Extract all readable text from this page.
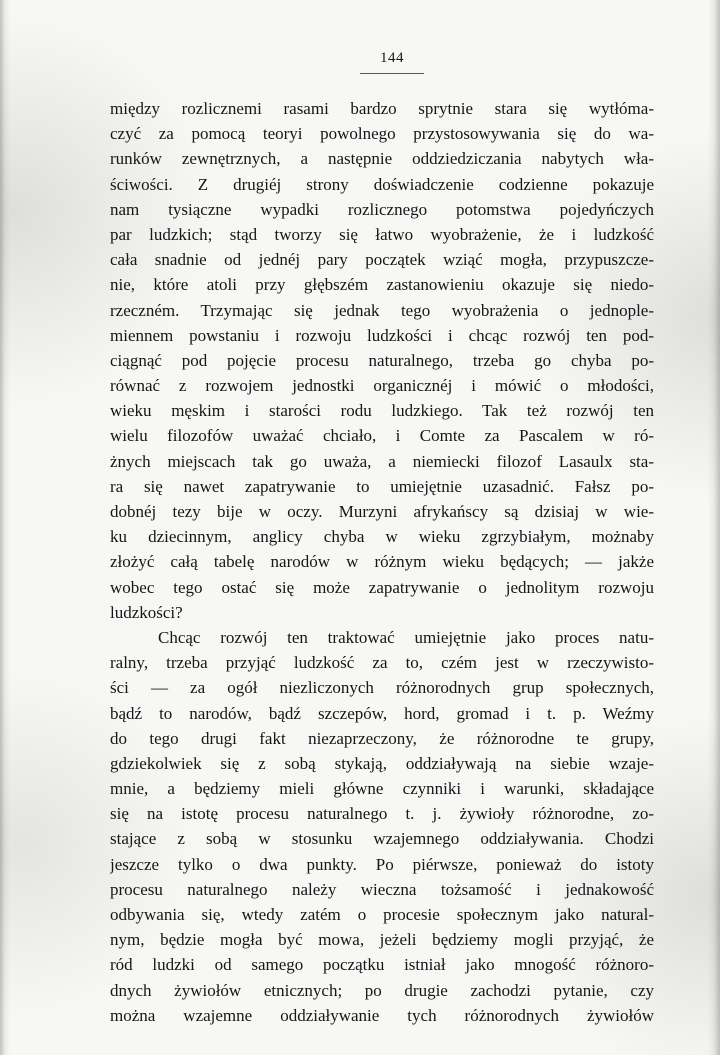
144
między rozlicznemi rasami bardzo sprytnie stara się wytłóma-
czyć za pomocą teoryi powolnego przystosowywania się do wa-
runków zewnętrznych, a następnie oddziedziczania nabytych wła-
ściwości. Z drugiéj strony doświadczenie codzienne pokazuje
nam tysiączne wypadki rozlicznego potomstwa pojedyńczych
par ludzkich; stąd tworzy się łatwo wyobrażenie, że i ludzkość
cała snadnie od jednéj pary początek wziąć mogła, przypuszcze-
nie, które atoli przy głębszém zastanowieniu okazuje się niedo-
rzeczném. Trzymając się jednak tego wyobrażenia o jednople-
miennem powstaniu i rozwoju ludzkości i chcąc rozwój ten pod-
ciągnąć pod pojęcie procesu naturalnego, trzeba go chyba po-
równać z rozwojem jednostki organicznéj i mówić o młodości,
wieku męskim i starości rodu ludzkiego. Tak też rozwój ten
wielu filozofów uważać chciało, i Comte za Pascalem w ró-
żnych miejscach tak go uważa, a niemiecki filozof Lasaulx sta-
ra się nawet zapatrywanie to umiejętnie uzasadnić. Fałsz po-
dobnéj tezy bije w oczy. Murzyni afrykańscy są dzisiaj w wie-
ku dziecinnym, anglicy chyba w wieku zgrzybiałym, możnaby
złożyć całą tabelę narodów w różnym wieku będących; — jakże
wobec tego ostać się może zapatrywanie o jednolitym rozwoju
ludzkości?
Chcąc rozwój ten traktować umiejętnie jako proces natu-
ralny, trzeba przyjąć ludzkość za to, czém jest w rzeczywisto-
ści — za ogół niezliczonych różnorodnych grup społecznych,
bądź to narodów, bądź szczepów, hord, gromad i t. p. Weźmy
do tego drugi fakt niezaprzeczony, że różnorodne te grupy,
gdziekolwiek się z sobą stykają, oddziaływają na siebie wzaje-
mnie, a będziemy mieli główne czynniki i warunki, składające
się na istotę procesu naturalnego t. j. żywioły różnorodne, zo-
stające z sobą w stosunku wzajemnego oddziaływania. Chodzi
jeszcze tylko o dwa punkty. Po piérwsze, ponieważ do istoty
procesu naturalnego należy wieczna tożsamość i jednakowość
odbywania się, wtedy zatém o procesie społecznym jako natural-
nym, będzie mogła być mowa, jeżeli będziemy mogli przyjąć, że
ród ludzki od samego początku istniał jako mnogość różnoro-
dnych żywiołów etnicznych; po drugie zachodzi pytanie, czy
można wzajemne oddziaływanie tych różnorodnych żywiołów
